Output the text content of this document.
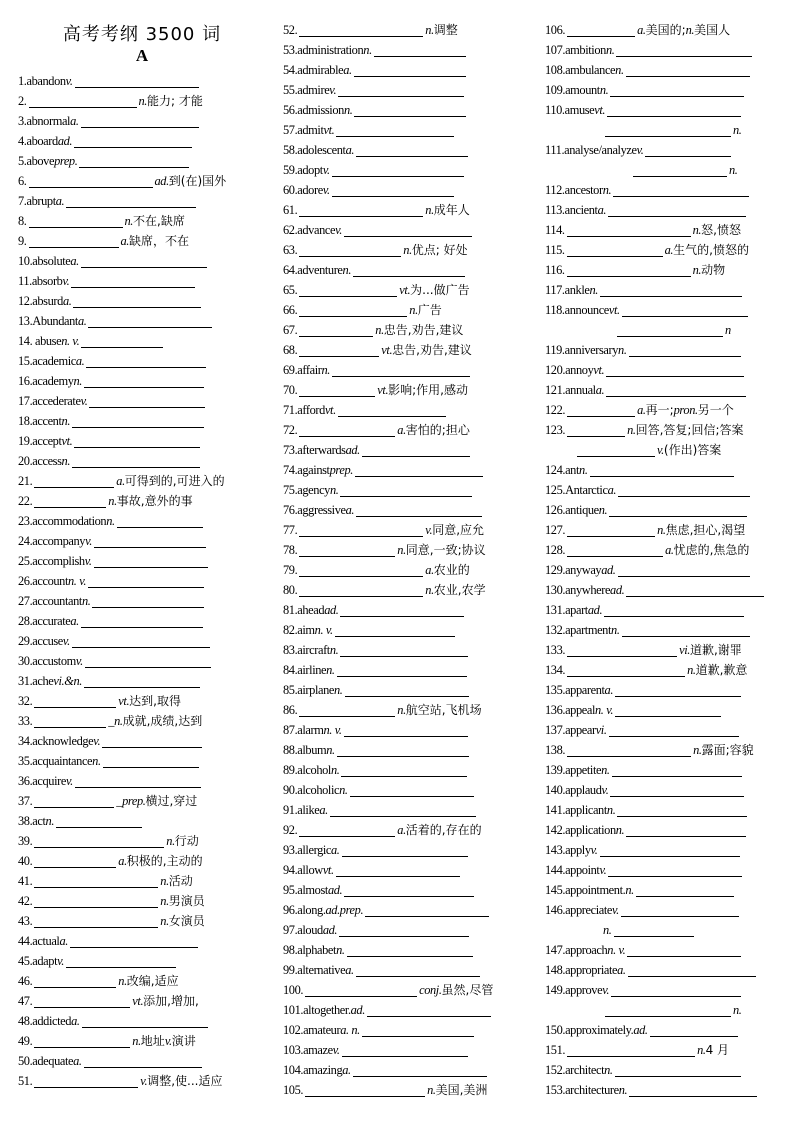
高考考纲 3500 词
A
1.abandonv.
2.	n.能力; 才能
3.abnormala.
4.aboardad.
5.aboveprep.
6.	ad.到(在)国外
7.abrupta.
8.	n.不在,缺席
9.	a.缺席，不在
10.absolutea.
11.absorbv.
12.absurda.
13.Abundanta.
14. abusen. v.
15.academica.
16.academyn.
17.accederatev.
18.accentn.
19.acceptvt.
20.accessn.
21.	a.可得到的,可进入的
22.	n.事故,意外的事
23.accommodationn.
24.accompanyv.
25.accomplishv.
26.accountn. v.
27.accountantn.
28.accuratea.
29.accusev.
30.accustomv.
31.achevi.&n.
32.	vt.达到,取得
33.	_n.成就,成绩,达到
34.acknowledgev.
35.acquaintancen.
36.acquirev.
37.	_prep.横过,穿过
38.actn.
39.	n.行动
40.	a.积极的,主动的
41.	n.活动
42.	n.男演员
43.	n.女演员
44.actuala.
45.adaptv.
46.	n.改编,适应
47.	vt.添加,增加,
48.addicteda.
49.	n.地址v.演讲
50.adequatea.
51.	v.调整,使...适应
52.	n.调整
53.administrationn.
54.admirablea.
55.admirev.
56.admissionn.
57.admitvt.
58.adolescenta.
59.adoptv.
60.adorev.
61.	n.成年人
62.advancev.
63.	n.优点; 好处
64.adventuren.
65.	vt.为...做广告
66.	n.广告
67.	n.忠告,劝告,建议
68.	vt.忠告,劝告,建议
69.affairn.
70.	vt.影响;作用,感动
71.affordvt.
72.	a.害怕的;担心
73.afterwardsad.
74.againstprep.
75.agencyn.
76.aggressivea.
77.	v.同意,应允
78.	n.同意,一致;协议
79.	a.农业的
80.	n.农业,农学
81.aheadad.
82.aimn. v.
83.aircraftn.
84.airlinen.
85.airplanen.
86.	n.航空站,飞机场
87.alarmn. v.
88.albumn.
89.alcoholn.
90.alcoholicn.
91.alikea.
92.	a.活着的,存在的
93.allergica.
94.allowvt.
95.almostad.
96.along.ad.prep.
97.aloudad.
98.alphabetn.
99.alternativea.
100.	conj.虽然,尽管
101.altogether.ad.
102.amateura. n.
103.amazev.
104.amazinga.
105.	n.美国,美洲
106.	a.美国的;n.美国人
107.ambitionn.
108.ambulancen.
109.amountn.
110.amusevt.
n.
111.analyse/analyzev.
n.
112.ancestorn.
113.ancienta.
114.	n.怒,愤怒
115.	a.生气的,愤怒的
116.	n.动物
117.anklen.
118.announcevt.
n
119.anniversaryn.
120.annoyvt.
121.annuala.
122.	a.再一;pron.另一个
123.	n.回答,答复;回信;答案
v.(作出)答案
124.antn.
125.Antarctica.
126.antiquen.
127.	n.焦虑,担心,渴望
128.	a.忧虑的,焦急的
129.anywayad.
130.anywheread.
131.apartad.
132.apartmentn.
133.	vi.道歉,谢罪
134.	n.道歉,歉意
135.apparenta.
136.appealn. v.
137.appearvi.
138.	n.露面;容貌
139.appetiten.
140.applaudv.
141.applicantn.
142.applicationn.
143.applyv.
144.appointv.
145.appointment.n.
146.appreciatev.
n.
147.approachn. v.
148.appropriatea.
149.approvev.
n.
150.approximately.ad.
151.	n.4 月
152.architectn.
153.architecturen.
